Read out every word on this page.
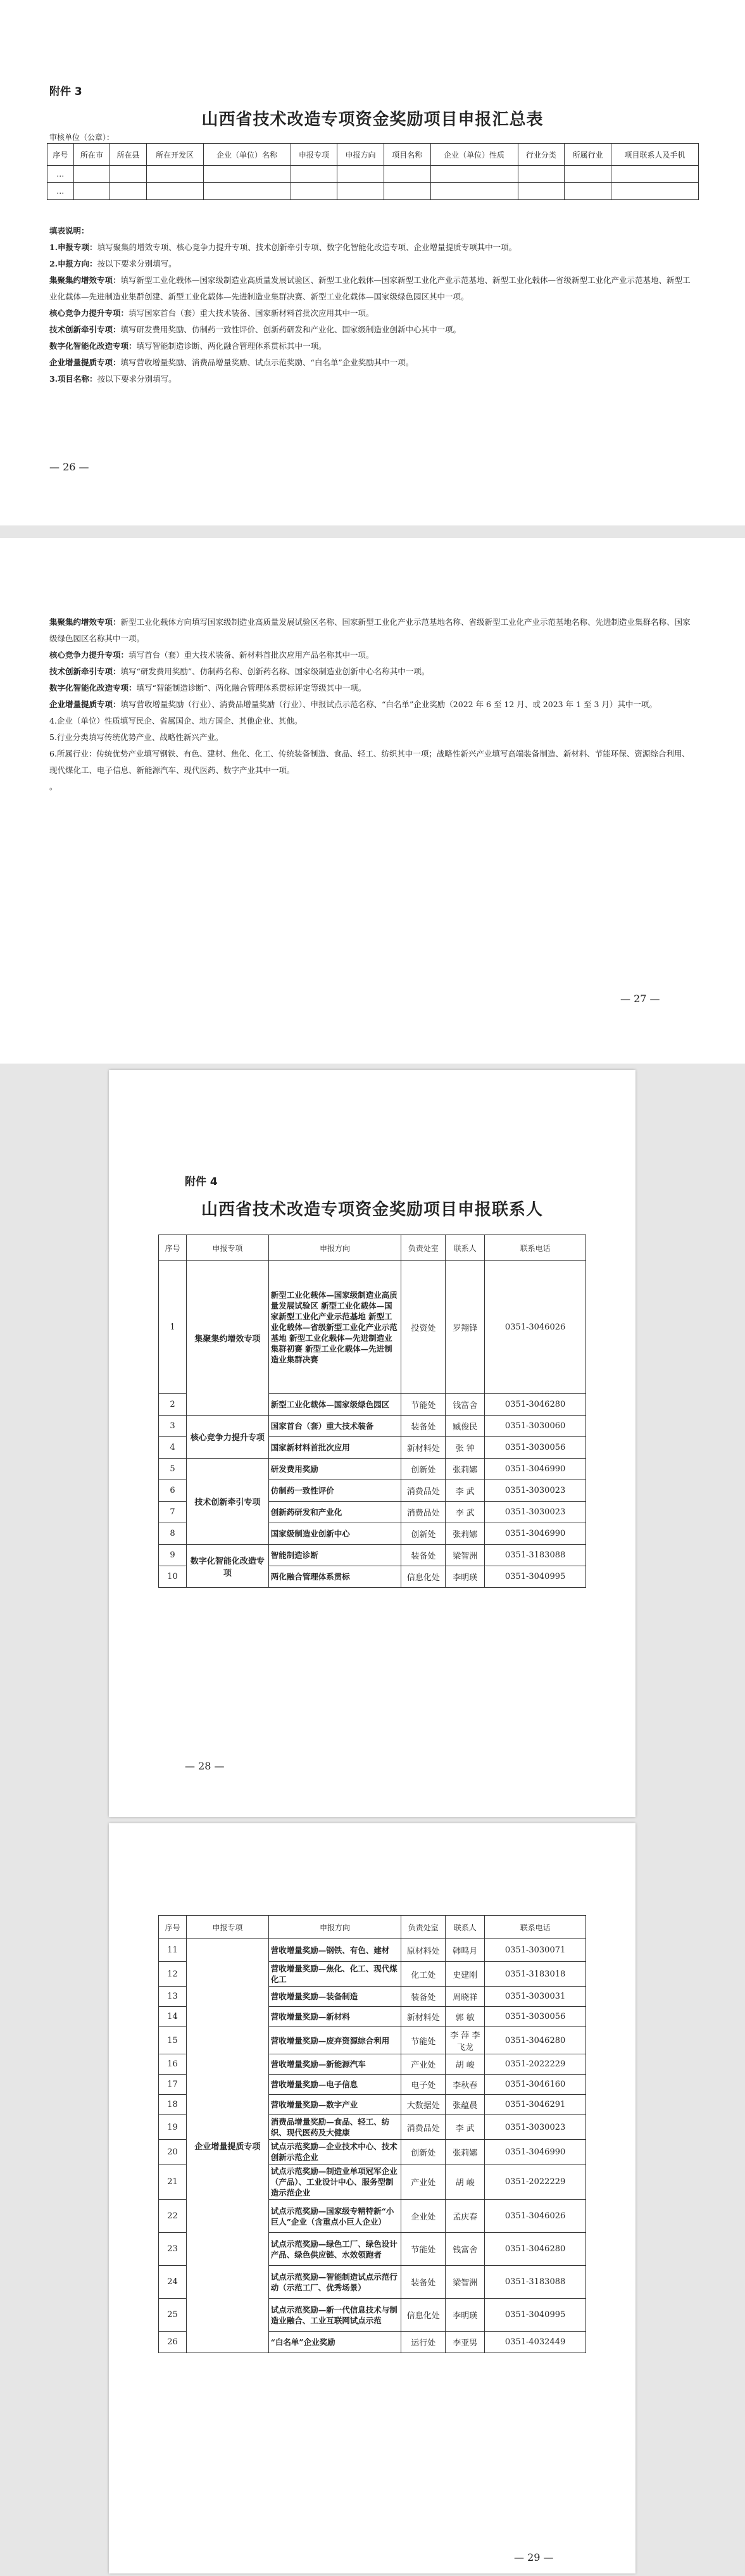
附件 3
山西省技术改造专项资金奖励项目申报汇总表
审核单位（公章）：
序号	所在市	所在县	所在开发区	企业（单位）名称	申报专项	申报方向	项目名称	企业（单位）性质	行业分类	所属行业	项目联系人及手机
…											
…											

填表说明：

1.申报专项：填写聚集的增效专项、核心竞争力提升专项、技术创新牵引专项、数字化智能化改造专项、企业增量提质专项其中一项。

2.申报方向：按以下要求分别填写。

集聚集约增效专项：填写新型工业化载体—国家级制造业高质量发展试验区、新型工业化载体—国家新型工业化产业示范基地、新型工业化载体—省级新型工业化产业示范基地、新型工业化载体—先进制造业集群创建、新型工业化载体—先进制造业集群决赛、新型工业化载体—国家级绿色园区其中一项。

核心竞争力提升专项：填写国家首台（套）重大技术装备、国家新材料首批次应用其中一项。

技术创新牵引专项：填写研发费用奖励、仿制药一致性评价、创新药研发和产业化、国家级制造业创新中心其中一项。

数字化智能化改造专项：填写智能制造诊断、两化融合管理体系贯标其中一项。

企业增量提质专项：填写营收增量奖励、消费品增量奖励、试点示范奖励、“白名单”企业奖励其中一项。

3.项目名称：按以下要求分别填写。

— 26 —

集聚集约增效专项：新型工业化载体方向填写国家级制造业高质量发展试验区名称、国家新型工业化产业示范基地名称、省级新型工业化产业示范基地名称、先进制造业集群名称、国家级绿色园区名称其中一项。

核心竞争力提升专项：填写首台（套）重大技术装备、新材料首批次应用产品名称其中一项。

技术创新牵引专项：填写“研发费用奖励”、仿制药名称、创新药名称、国家级制造业创新中心名称其中一项。

数字化智能化改造专项：填写“智能制造诊断”、两化融合管理体系贯标评定等级其中一项。

企业增量提质专项：填写营收增量奖励（行业）、消费品增量奖励（行业）、申报试点示范名称、“白名单”企业奖励（2022 年 6 至 12 月、或 2023 年 1 至 3 月）其中一项。

4.企业（单位）性质填写民企、省属国企、地方国企、其他企业、其他。

5.行业分类填写传统优势产业、战略性新兴产业。

6.所属行业：传统优势产业填写钢铁、有色、建材、焦化、化工、传统装备制造、食品、轻工、纺织其中一项；战略性新兴产业填写高端装备制造、新材料、节能环保、资源综合利用、现代煤化工、电子信息、新能源汽车、现代医药、数字产业其中一项。

。

— 27 —
附件 4
山西省技术改造专项资金奖励项目申报联系人
序号	申报专项	申报方向	负责处室	联系人	联系电话
1	集聚集约增效专项	新型工业化载体—国家级制造业高质量发展试验区 新型工业化载体—国家新型工业化产业示范基地 新型工业化载体—省级新型工业化产业示范基地 新型工业化载体—先进制造业集群初赛 新型工业化载体—先进制造业集群决赛	投资处	罗翔锋	0351-3046026
2		新型工业化载体—国家级绿色园区	节能处	钱富舍	0351-3046280
3	核心竞争力提升专项	国家首台（套）重大技术装备	装备处	臧俊民	0351-3030060
4		国家新材料首批次应用	新材料处	张 钟	0351-3030056
5	技术创新牵引专项	研发费用奖励	创新处	张莉娜	0351-3046990
6		仿制药一致性评价	消费品处	李 武	0351-3030023
7		创新药研发和产业化	消费品处	李 武	0351-3030023
8		国家级制造业创新中心	创新处	张莉娜	0351-3046990
9	数字化智能化改造专项	智能制造诊断	装备处	梁智洲	0351-3183088
10		两化融合管理体系贯标	信息化处	李明瑛	0351-3040995
— 28 —
序号	申报专项	申报方向	负责处室	联系人	联系电话
11	企业增量提质专项	营收增量奖励—钢铁、有色、建材	原材料处	韩鸣月	0351-3030071
12		营收增量奖励—焦化、化工、现代煤化工	化工处	史建刚	0351-3183018
13		营收增量奖励—装备制造	装备处	周晓祥	0351-3030031
14		营收增量奖励—新材料	新材料处	郭 敏	0351-3030056
15		营收增量奖励—废弃资源综合利用	节能处	李 萍 李飞龙	0351-3046280
16		营收增量奖励—新能源汽车	产业处	胡 峻	0351-2022229
17		营收增量奖励—电子信息	电子处	李秋春	0351-3046160
18		营收增量奖励—数字产业	大数据处	张蕴晨	0351-3046291
19		消费品增量奖励—食品、轻工、纺织、现代医药及大健康	消费品处	李 武	0351-3030023
20		试点示范奖励—企业技术中心、技术创新示范企业	创新处	张莉娜	0351-3046990
21		试点示范奖励—制造业单项冠军企业（产品）、工业设计中心、服务型制造示范企业	产业处	胡 峻	0351-2022229
22		试点示范奖励—国家级专精特新“小巨人”企业（含重点小巨人企业）	企业处	孟庆春	0351-3046026
23		试点示范奖励—绿色工厂、绿色设计产品、绿色供应链、水效领跑者	节能处	钱富舍	0351-3046280
24		试点示范奖励—智能制造试点示范行动（示范工厂、优秀场景）	装备处	梁智洲	0351-3183088
25		试点示范奖励—新一代信息技术与制造业融合、工业互联网试点示范	信息化处	李明瑛	0351-3040995
26		“白名单”企业奖励	运行处	李亚男	0351-4032449
— 29 —
